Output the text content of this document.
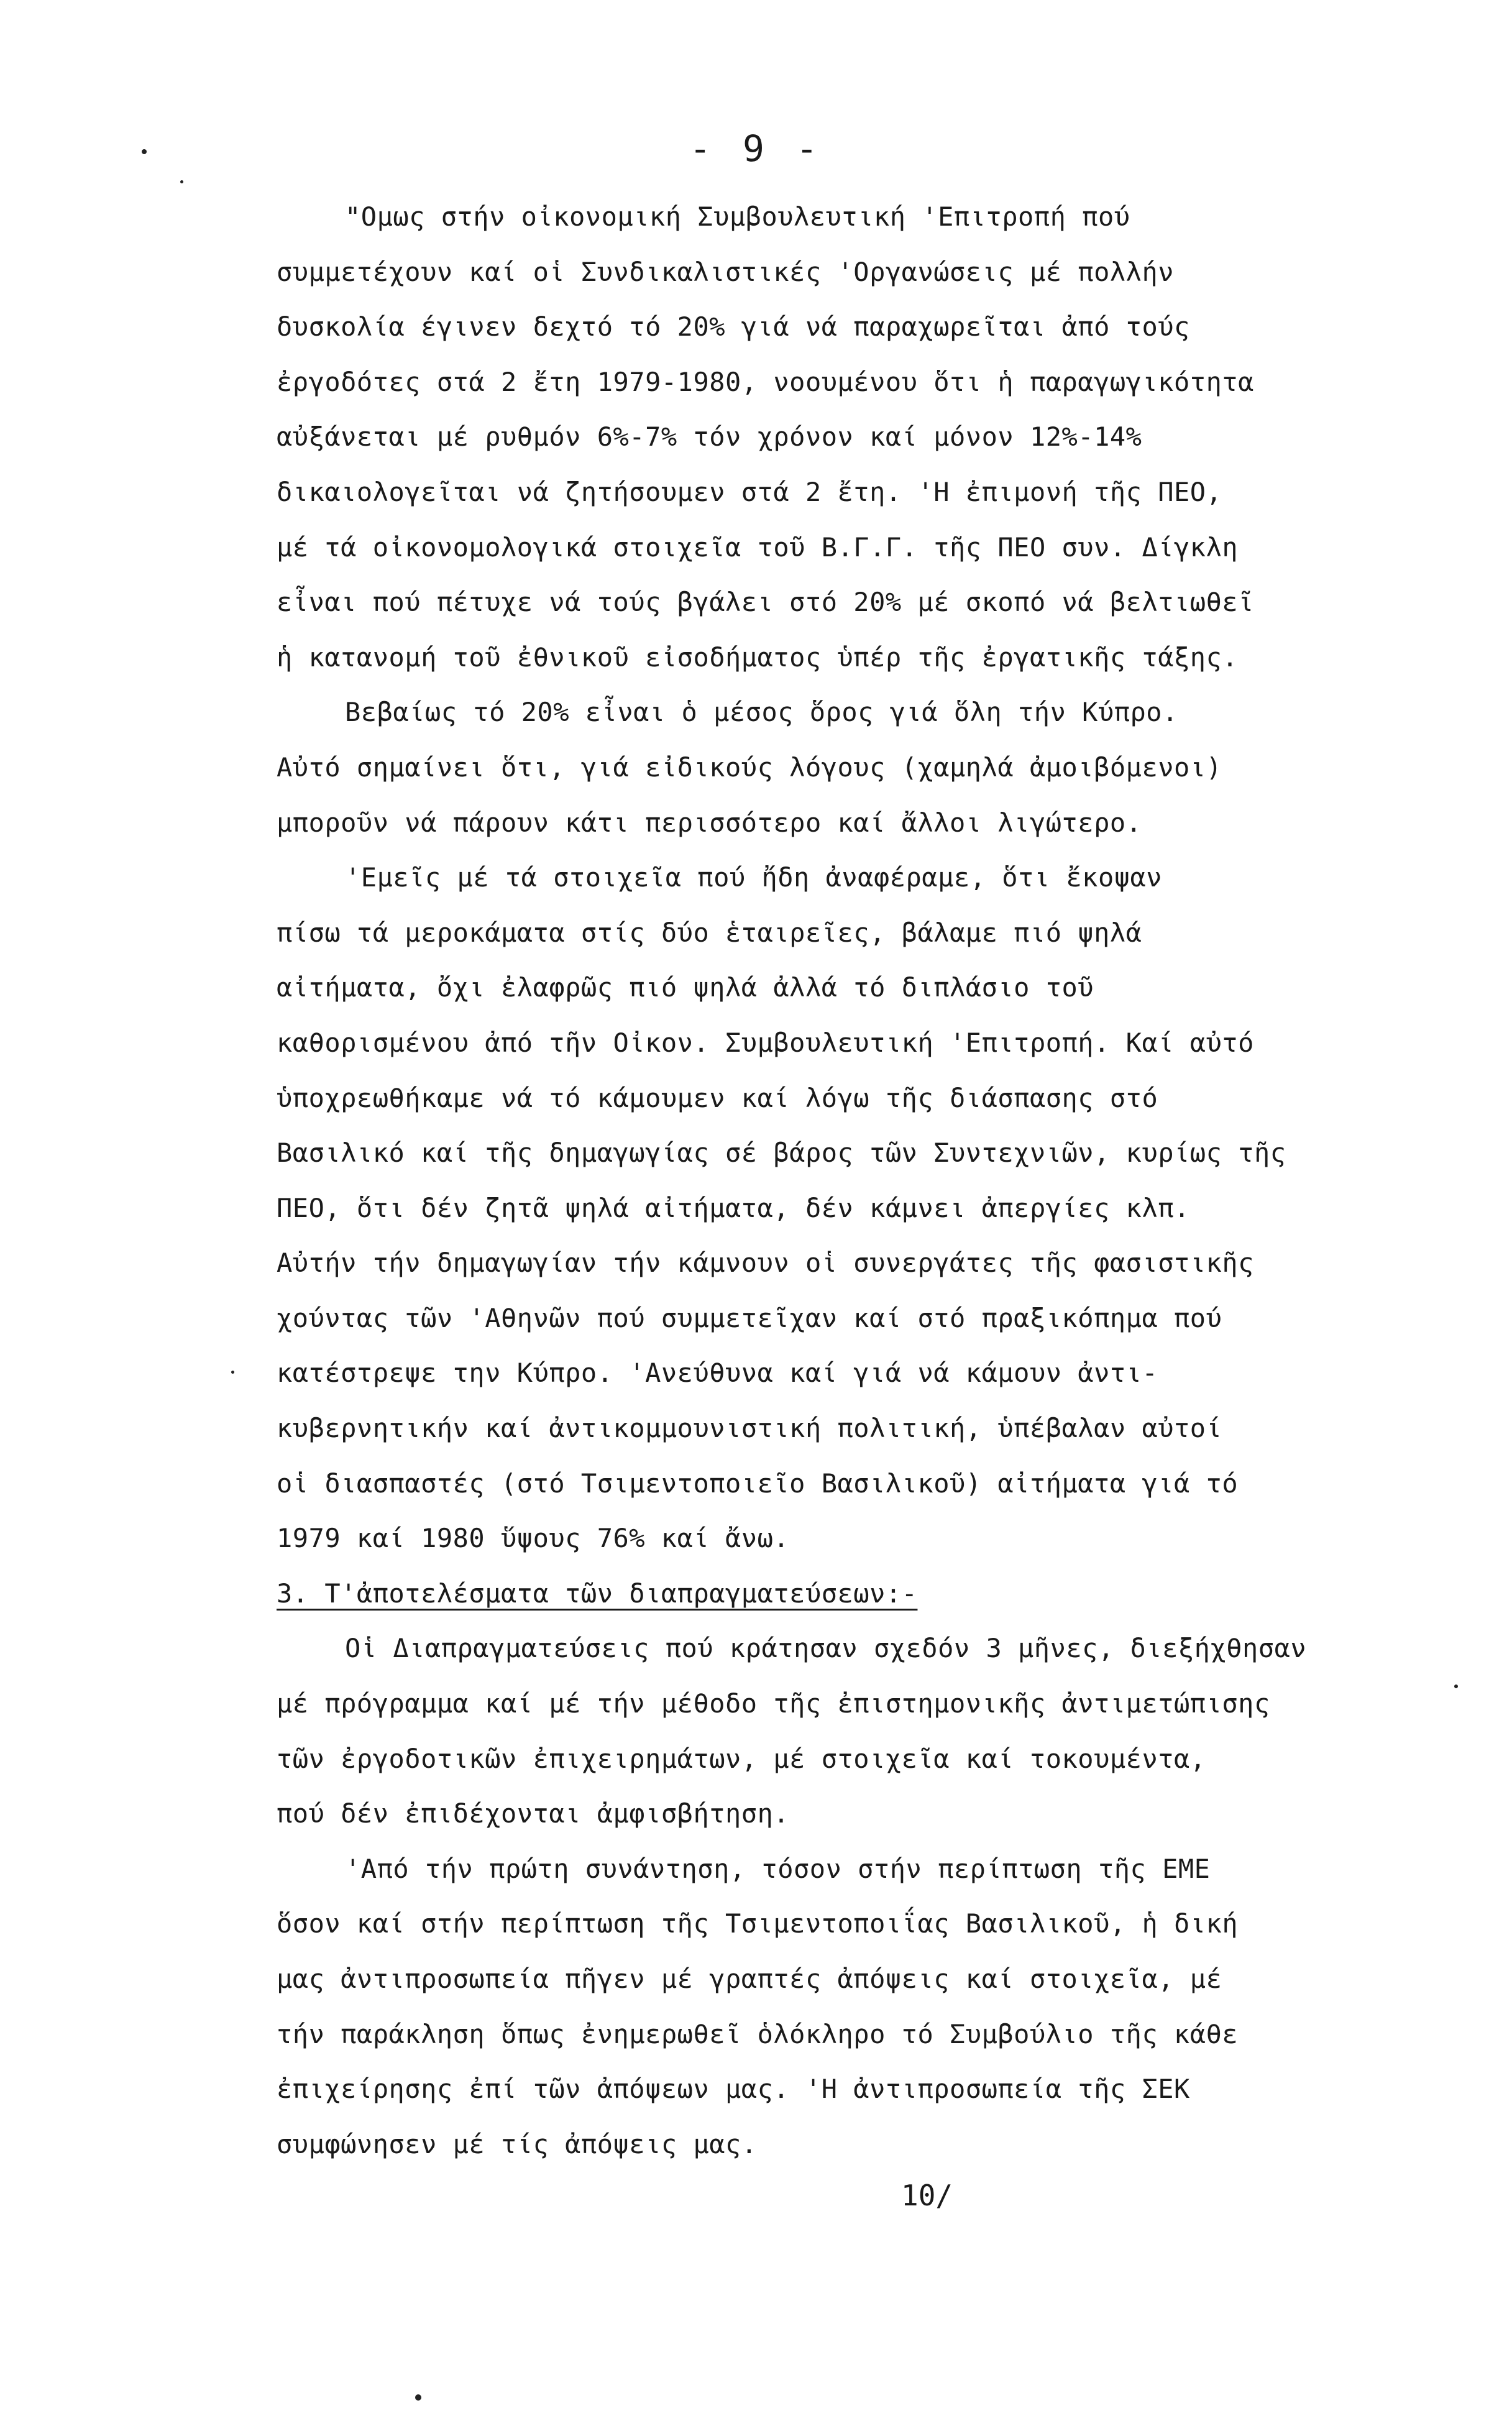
- 9 -
"Ομως στήν οἰκονομική Συμβουλευτική 'Επιτροπή πού
συμμετέχουν καί οἱ Συνδικαλιστικές 'Οργανώσεις μέ πολλήν
δυσκολία έγινεν δεχτό τό 20% γιά νά παραχωρεῖται ἀπό τούς
ἐργοδότες στά 2 ἔτη 1979-1980, νοουμένου ὅτι ἡ παραγωγικότητα
αὐξάνεται μέ ρυθμόν 6%-7% τόν χρόνον καί μόνον 12%-14%
δικαιολογεῖται νά ζητήσουμεν στά 2 ἔτη. 'Η ἐπιμονή τῆς ΠΕΟ,
μέ τά οἰκονομολογικά στοιχεῖα τοῦ Β.Γ.Γ. τῆς ΠΕΟ συν. Δίγκλη
εἶναι πού πέτυχε νά τούς βγάλει στό 20% μέ σκοπό νά βελτιωθεῖ
ἡ κατανομή τοῦ ἐθνικοῦ εἰσοδήματος ὑπέρ τῆς ἐργατικῆς τάξης.
Βεβαίως τό 20% εἶναι ὁ μέσος ὅρος γιά ὅλη τήν Κύπρο.
Αὐτό σημαίνει ὅτι, γιά εἰδικούς λόγους (χαμηλά ἀμοιβόμενοι)
μποροῦν νά πάρουν κάτι περισσότερο καί ἄλλοι λιγώτερο.
'Εμεῖς μέ τά στοιχεῖα πού ἤδη ἀναφέραμε, ὅτι ἔκοψαν
πίσω τά μεροκάματα στίς δύο ἑταιρεῖες, βάλαμε πιό ψηλά
αἰτήματα, ὄχι ἐλαφρῶς πιό ψηλά ἀλλά τό διπλάσιο τοῦ
καθορισμένου ἀπό τῆν Οἰκον. Συμβουλευτική 'Επιτροπή. Καί αὐτό
ὑποχρεωθήκαμε νά τό κάμουμεν καί λόγω τῆς διάσπασης στό
Βασιλικό καί τῆς δημαγωγίας σέ βάρος τῶν Συντεχνιῶν, κυρίως τῆς
ΠΕΟ, ὅτι δέν ζητᾶ ψηλά αἰτήματα, δέν κάμνει ἀπεργίες κλπ.
Αὐτήν τήν δημαγωγίαν τήν κάμνουν οἱ συνεργάτες τῆς φασιστικῆς
χούντας τῶν 'Αθηνῶν πού συμμετεῖχαν καί στό πραξικόπημα πού
κατέστρεψε την Κύπρο. 'Ανεύθυνα καί γιά νά κάμουν ἀντι-
κυβερνητικήν καί ἀντικομμουνιστική πολιτική, ὑπέβαλαν αὐτοί
οἱ διασπαστές (στό Τσιμεντοποιεῖο Βασιλικοῦ) αἰτήματα γιά τό
1979 καί 1980 ὕψους 76% καί ἄνω.
3. Τ'ἀποτελέσματα τῶν διαπραγματεύσεων:-
Οἱ Διαπραγματεύσεις πού κράτησαν σχεδόν 3 μῆνες, διεξήχθησαν
μέ πρόγραμμα καί μέ τήν μέθοδο τῆς ἐπιστημονικῆς ἀντιμετώπισης
τῶν ἐργοδοτικῶν ἐπιχειρημάτων, μέ στοιχεῖα καί τοκουμέντα,
πού δέν ἐπιδέχονται ἀμφισβήτηση.
'Από τήν πρώτη συνάντηση, τόσον στήν περίπτωση τῆς ΕΜΕ
ὅσον καί στήν περίπτωση τῆς Τσιμεντοποιΐας Βασιλικοῦ, ἡ δική
μας ἀντιπροσωπεία πῆγεν μέ γραπτές ἀπόψεις καί στοιχεῖα, μέ
τήν παράκληση ὅπως ἐνημερωθεῖ ὁλόκληρο τό Συμβούλιο τῆς κάθε
ἐπιχείρησης ἐπί τῶν ἀπόψεων μας. 'Η ἀντιπροσωπεία τῆς ΣΕΚ
συμφώνησεν μέ τίς ἀπόψεις μας.
10/
